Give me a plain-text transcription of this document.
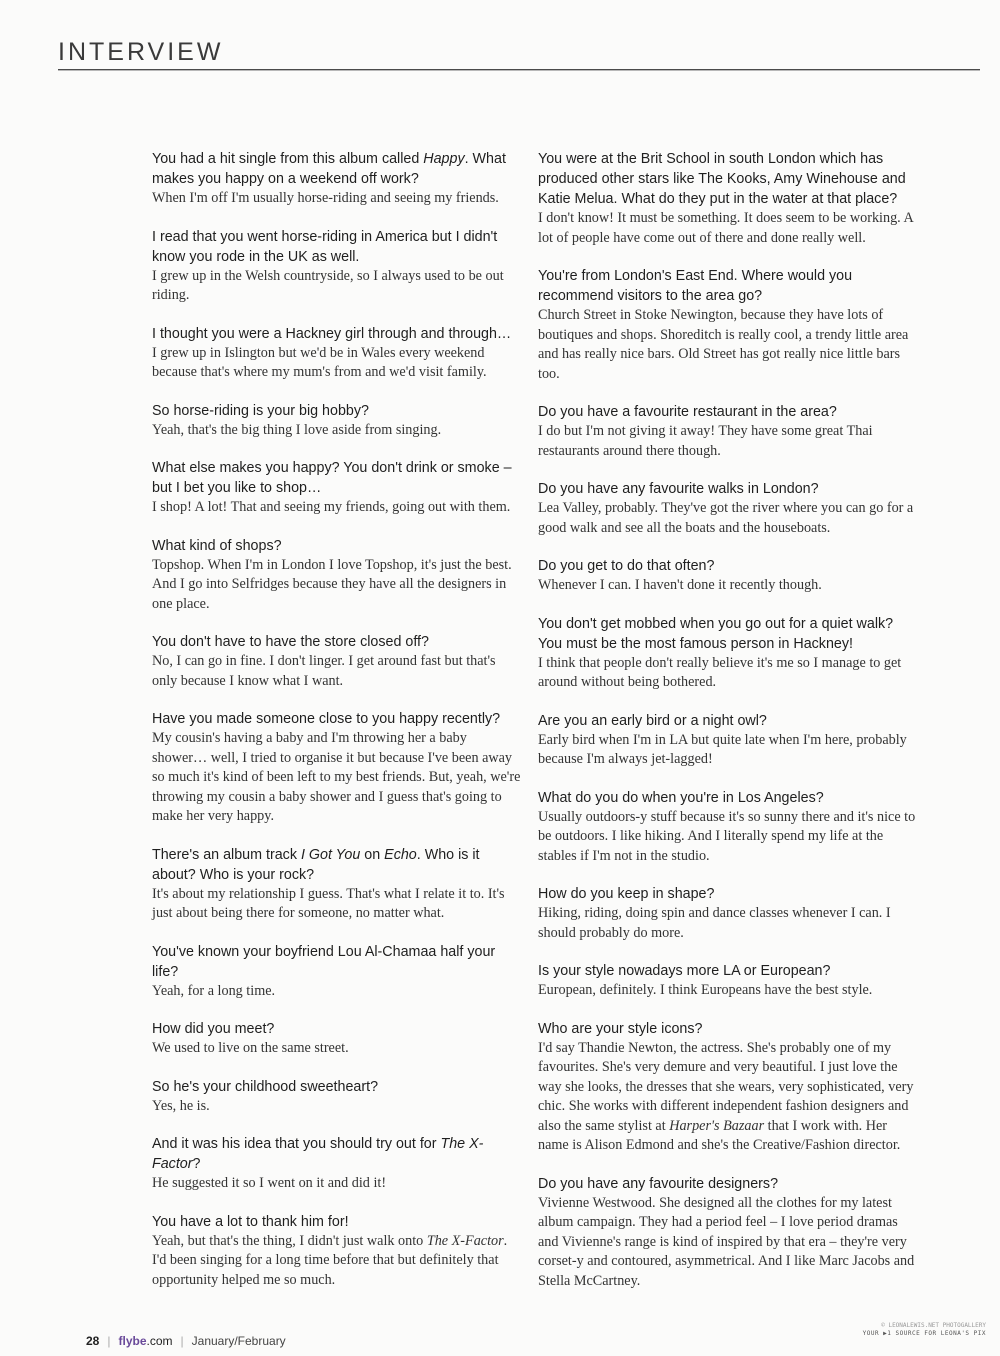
INTERVIEW

You had a hit single from this album called Happy. What makes you happy on a weekend off work?

When I'm off I'm usually horse-riding and seeing my friends.

I read that you went horse-riding in America but I didn't know you rode in the UK as well.

I grew up in the Welsh countryside, so I always used to be out riding.

I thought you were a Hackney girl through and through…

I grew up in Islington but we'd be in Wales every weekend because that's where my mum's from and we'd visit family.

So horse-riding is your big hobby?

Yeah, that's the big thing I love aside from singing.

What else makes you happy? You don't drink or smoke – but I bet you like to shop…

I shop! A lot! That and seeing my friends, going out with them.

What kind of shops?

Topshop. When I'm in London I love Topshop, it's just the best. And I go into Selfridges because they have all the designers in one place.

You don't have to have the store closed off?

No, I can go in fine. I don't linger. I get around fast but that's only because I know what I want.

Have you made someone close to you happy recently?

My cousin's having a baby and I'm throwing her a baby shower… well, I tried to organise it but because I've been away so much it's kind of been left to my best friends. But, yeah, we're throwing my cousin a baby shower and I guess that's going to make her very happy.

There's an album track I Got You on Echo. Who is it about? Who is your rock?

It's about my relationship I guess. That's what I relate it to. It's just about being there for someone, no matter what.

You've known your boyfriend Lou Al-Chamaa half your life?

Yeah, for a long time.

How did you meet?

We used to live on the same street.

So he's your childhood sweetheart?

Yes, he is.

And it was his idea that you should try out for The X-Factor?

He suggested it so I went on it and did it!

You have a lot to thank him for!

Yeah, but that's the thing, I didn't just walk onto The X-Factor. I'd been singing for a long time before that but definitely that opportunity helped me so much.

You were at the Brit School in south London which has produced other stars like The Kooks, Amy Winehouse and Katie Melua. What do they put in the water at that place?

I don't know! It must be something. It does seem to be working. A lot of people have come out of there and done really well.

You're from London's East End. Where would you recommend visitors to the area go?

Church Street in Stoke Newington, because they have lots of boutiques and shops. Shoreditch is really cool, a trendy little area and has really nice bars. Old Street has got really nice little bars too.

Do you have a favourite restaurant in the area?

I do but I'm not giving it away! They have some great Thai restaurants around there though.

Do you have any favourite walks in London?

Lea Valley, probably. They've got the river where you can go for a good walk and see all the boats and the houseboats.

Do you get to do that often?

Whenever I can. I haven't done it recently though.

You don't get mobbed when you go out for a quiet walk? You must be the most famous person in Hackney!

I think that people don't really believe it's me so I manage to get around without being bothered.

Are you an early bird or a night owl?

Early bird when I'm in LA but quite late when I'm here, probably because I'm always jet-lagged!

What do you do when you're in Los Angeles?

Usually outdoors-y stuff because it's so sunny there and it's nice to be outdoors. I like hiking. And I literally spend my life at the stables if I'm not in the studio.

How do you keep in shape?

Hiking, riding, doing spin and dance classes whenever I can. I should probably do more.

Is your style nowadays more LA or European?

European, definitely. I think Europeans have the best style.

Who are your style icons?

I'd say Thandie Newton, the actress. She's probably one of my favourites. She's very demure and very beautiful. I just love the way she looks, the dresses that she wears, very sophisticated, very chic. She works with different independent fashion designers and also the same stylist at Harper's Bazaar that I work with. Her name is Alison Edmond and she's the Creative/Fashion director.

Do you have any favourite designers?

Vivienne Westwood. She designed all the clothes for my latest album campaign. They had a period feel – I love period dramas and Vivienne's range is kind of inspired by that era – they're very corset-y and contoured, asymmetrical. And I like Marc Jacobs and Stella McCartney.

28 | flybe.com | January/February
© LEONALEWIS.NET PHOTOGALLERY
YOUR ▶1 SOURCE FOR LEONA'S PIX
